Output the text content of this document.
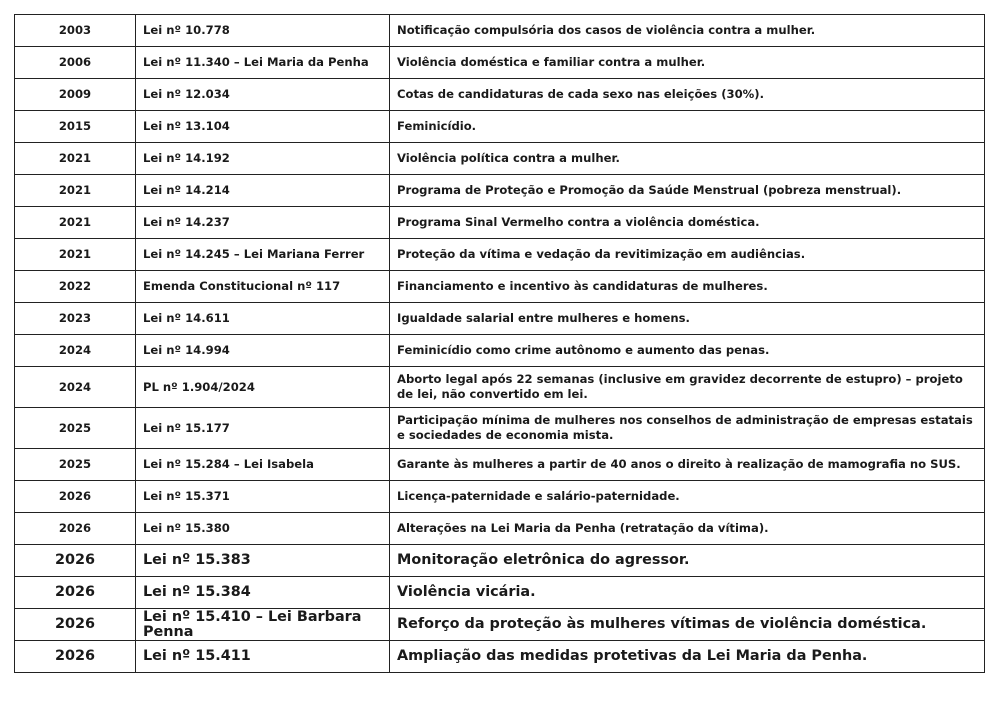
2003	Lei nº 10.778	Notificação compulsória dos casos de violência contra a mulher.
2006	Lei nº 11.340 – Lei Maria da Penha	Violência doméstica e familiar contra a mulher.
2009	Lei nº 12.034	Cotas de candidaturas de cada sexo nas eleições (30%).
2015	Lei nº 13.104	Feminicídio.
2021	Lei nº 14.192	Violência política contra a mulher.
2021	Lei nº 14.214	Programa de Proteção e Promoção da Saúde Menstrual (pobreza menstrual).
2021	Lei nº 14.237	Programa Sinal Vermelho contra a violência doméstica.
2021	Lei nº 14.245 – Lei Mariana Ferrer	Proteção da vítima e vedação da revitimização em audiências.
2022	Emenda Constitucional nº 117	Financiamento e incentivo às candidaturas de mulheres.
2023	Lei nº 14.611	Igualdade salarial entre mulheres e homens.
2024	Lei nº 14.994	Feminicídio como crime autônomo e aumento das penas.
2024	PL nº 1.904/2024	Aborto legal após 22 semanas (inclusive em gravidez decorrente de estupro) – projeto de lei, não convertido em lei.
2025	Lei nº 15.177	Participação mínima de mulheres nos conselhos de administração de empresas estatais e sociedades de economia mista.
2025	Lei nº 15.284 – Lei Isabela	Garante às mulheres a partir de 40 anos o direito à realização de mamografia no SUS.
2026	Lei nº 15.371	Licença-paternidade e salário-paternidade.
2026	Lei nº 15.380	Alterações na Lei Maria da Penha (retratação da vítima).
2026	Lei nº 15.383	Monitoração eletrônica do agressor.
2026	Lei nº 15.384	Violência vicária.
2026	Lei nº 15.410 – Lei Barbara Penna	Reforço da proteção às mulheres vítimas de violência doméstica.
2026	Lei nº 15.411	Ampliação das medidas protetivas da Lei Maria da Penha.
